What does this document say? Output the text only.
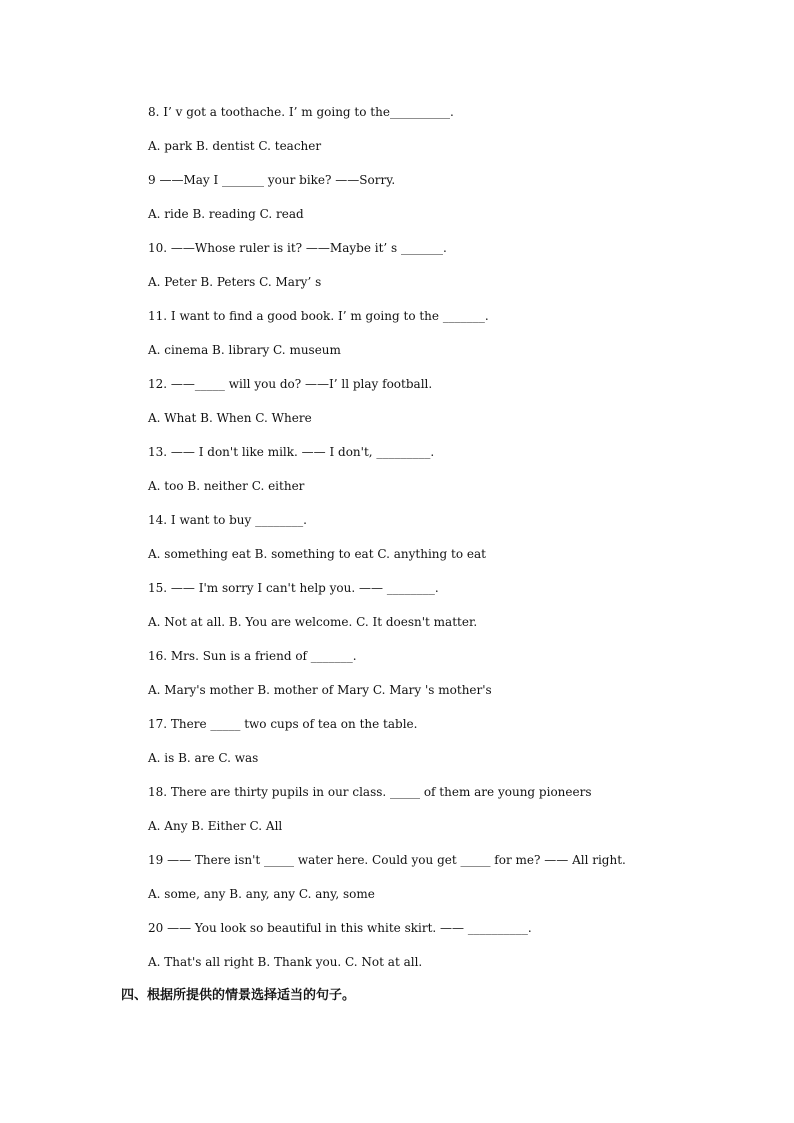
8. I’ v got a toothache. I’ m going to the__________.
A. park B. dentist C. teacher
9 ——May I _______ your bike? ——Sorry.
A. ride B. reading C. read
10. ——Whose ruler is it? ——Maybe it’ s _______.
A. Peter B. Peters C. Mary’ s
11. I want to find a good book. I’ m going to the _______.
A. cinema B. library C. museum
12. ——_____ will you do? ——I’ ll play football.
A. What B. When C. Where
13. —— I don't like milk. —— I don't, _________.
A. too B. neither C. either
14. I want to buy ________.
A. something eat B. something to eat C. anything to eat
15. —— I'm sorry I can't help you. —— ________.
A. Not at all. B. You are welcome. C. It doesn't matter.
16. Mrs. Sun is a friend of _______.
A. Mary's mother B. mother of Mary C. Mary 's mother's
17. There _____ two cups of tea on the table.
A. is B. are C. was
18. There are thirty pupils in our class. _____ of them are young pioneers
A. Any B. Either C. All
19 —— There isn't _____ water here. Could you get _____ for me? —— All right.
A. some, any B. any, any C. any, some
20 —— You look so beautiful in this white skirt. —— __________.
A. That's all right B. Thank you. C. Not at all.
四、根据所提供的情景选择适当的句子。
